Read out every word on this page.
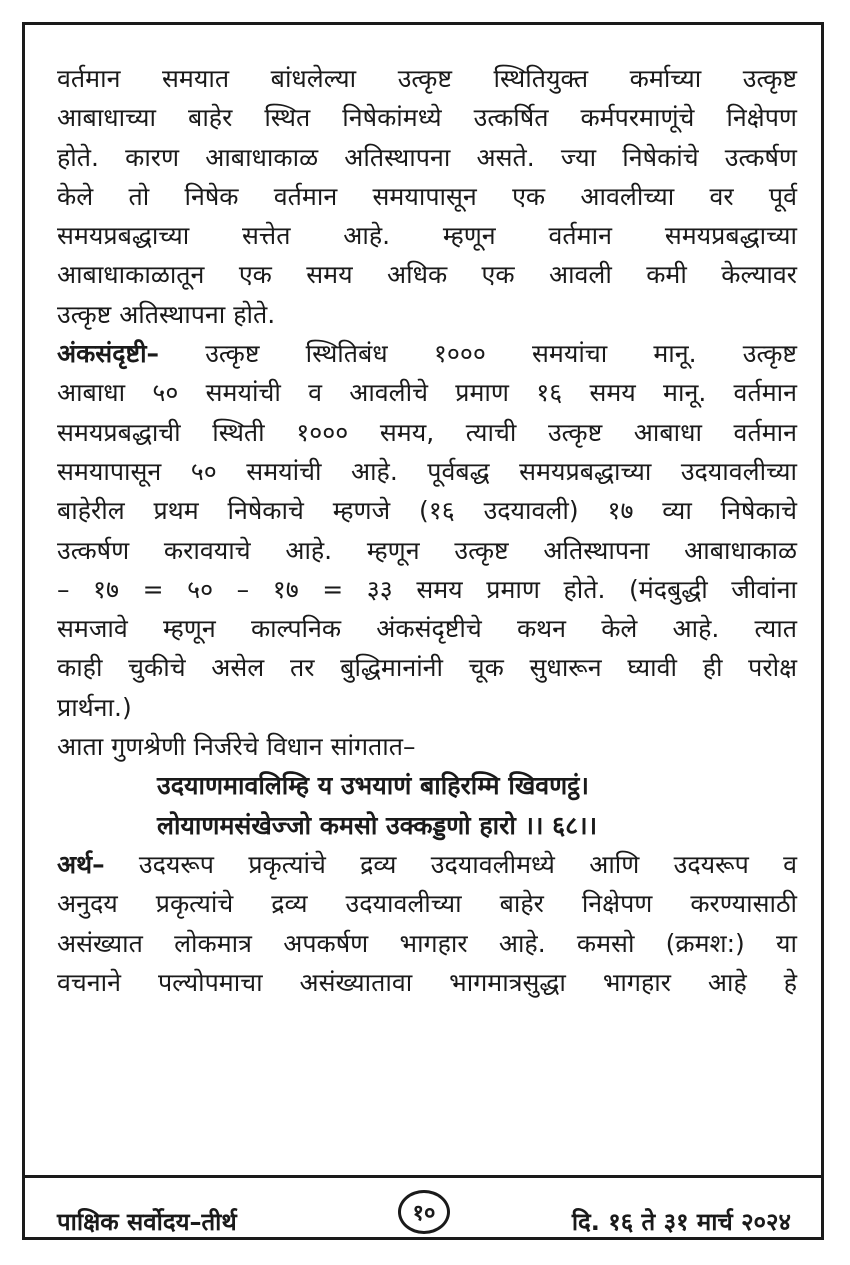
वर्तमान समयात बांधलेल्या उत्कृष्ट स्थितियुक्त कर्माच्या उत्कृष्ट

आबाधाच्या बाहेर स्थित निषेकांमध्ये उत्कर्षित कर्मपरमाणूंचे निक्षेपण

होते. कारण आबाधाकाळ अतिस्थापना असते. ज्या निषेकांचे उत्कर्षण

केले तो निषेक वर्तमान समयापासून एक आवलीच्या वर पूर्व

समयप्रबद्धाच्या सत्तेत आहे. म्हणून वर्तमान समयप्रबद्धाच्या

आबाधाकाळातून एक समय अधिक एक आवली कमी केल्यावर

उत्कृष्ट अतिस्थापना होते.

अंकसंदृष्टी– उत्कृष्ट स्थितिबंध १००० समयांचा मानू. उत्कृष्ट

आबाधा ५० समयांची व आवलीचे प्रमाण १६ समय मानू. वर्तमान

समयप्रबद्धाची स्थिती १००० समय, त्याची उत्कृष्ट आबाधा वर्तमान

समयापासून ५० समयांची आहे. पूर्वबद्ध समयप्रबद्धाच्या उदयावलीच्या

बाहेरील प्रथम निषेकाचे म्हणजे (१६ उदयावली) १७ व्या निषेकाचे

उत्कर्षण करावयाचे आहे. म्हणून उत्कृष्ट अतिस्थापना आबाधाकाळ

– १७ = ५० – १७ = ३३ समय प्रमाण होते. (मंदबुद्धी जीवांना

समजावे म्हणून काल्पनिक अंकसंदृष्टीचे कथन केले आहे. त्यात

काही चुकीचे असेल तर बुद्धिमानांनी चूक सुधारून घ्यावी ही परोक्ष

प्रार्थना.)

आता गुणश्रेणी निर्जरेचे विधान सांगतात–

उदयाणमावलिम्हि य उभयाणं बाहिरम्मि खिवणट्ठं।

लोयाणमसंखेज्जो कमसो उक्कड्डणो हारो ।। ६८।।

अर्थ– उदयरूप प्रकृत्यांचे द्रव्य उदयावलीमध्ये आणि उदयरूप व

अनुदय प्रकृत्यांचे द्रव्य उदयावलीच्या बाहेर निक्षेपण करण्यासाठी

असंख्यात लोकमात्र अपकर्षण भागहार आहे. कमसो (क्रमश:) या

वचनाने पल्योपमाचा असंख्यातावा भागमात्रसुद्धा भागहार आहे हे

पाक्षिक सर्वोदय–तीर्थ	१०	दि. १६ ते ३१ मार्च २०२४
